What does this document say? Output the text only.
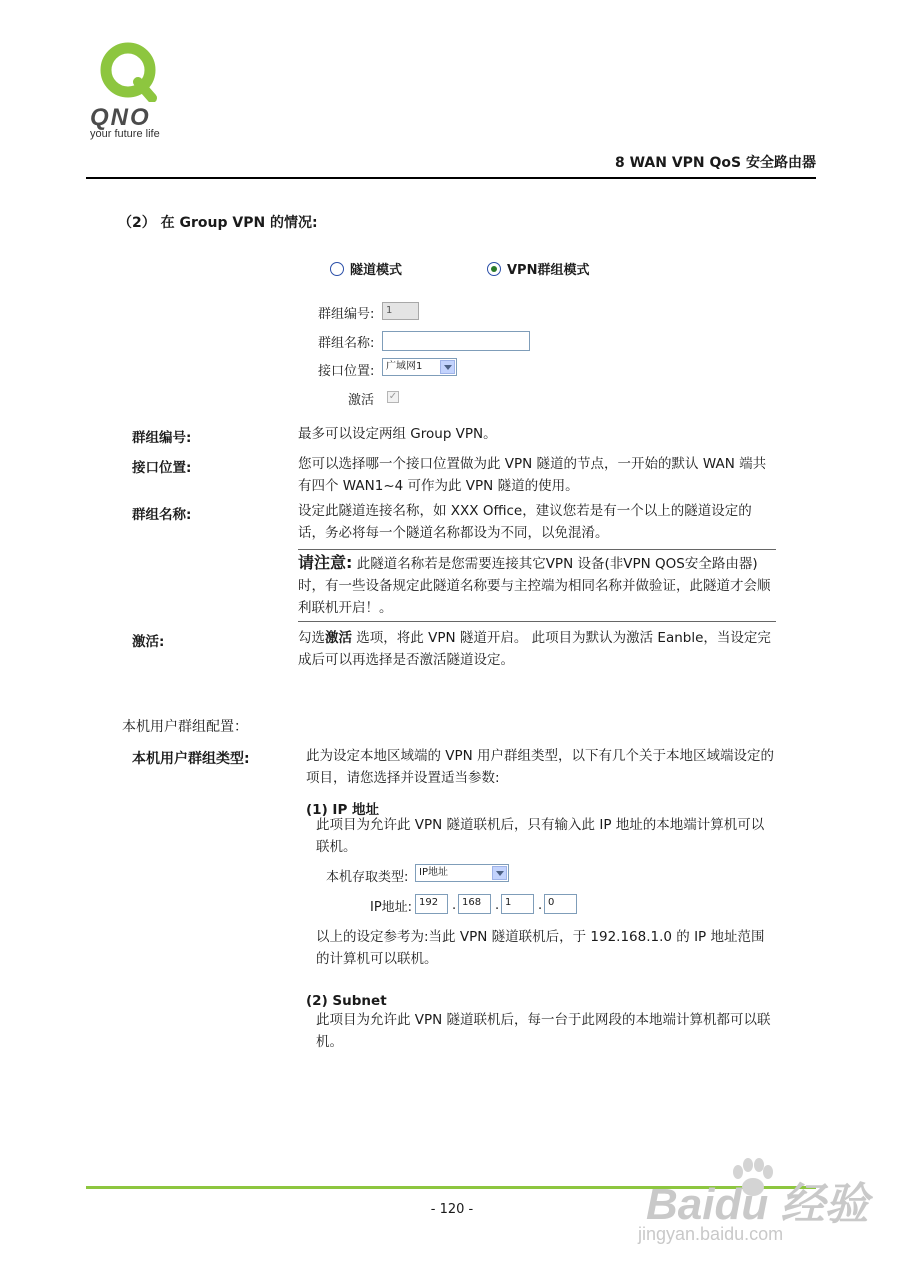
QNO
your future life
8 WAN VPN QoS 安全路由器
（2） 在 Group VPN 的情况:
隧道模式	VPN群组模式
群组编号:	1
群组名称:
接口位置:	广域网1
激活 ✓
群组编号:	最多可以设定两组 Group VPN。
接口位置:	您可以选择哪一个接口位置做为此 VPN 隧道的节点，一开始的默认 WAN 端共有四个 WAN1~4 可作为此 VPN 隧道的使用。
群组名称:	设定此隧道连接名称，如 XXX Office，建议您若是有一个以上的隧道设定的话，务必将每一个隧道名称都设为不同，以免混淆。
请注意: 此隧道名称若是您需要连接其它VPN 设备(非VPN QOS安全路由器)时，有一些设备规定此隧道名称要与主控端为相同名称并做验证，此隧道才会顺利联机开启！。
激活:	勾选激活 选项，将此 VPN 隧道开启。 此项目为默认为激活 Eanble，当设定完成后可以再选择是否激活隧道设定。
本机用户群组配置：
本机用户群组类型:	此为设定本地区域端的 VPN 用户群组类型，以下有几个关于本地区域端设定的项目，请您选择并设置适当参数:
(1) IP 地址
此项目为允许此 VPN 隧道联机后，只有输入此 IP 地址的本地端计算机可以联机。
本机存取类型:	IP地址
IP地址: 192	. 168	. 1	. 0
以上的设定参考为:当此 VPN 隧道联机后，于 192.168.1.0 的 IP 地址范围的计算机可以联机。
(2) Subnet
此项目为允许此 VPN 隧道联机后，每一台于此网段的本地端计算机都可以联机。
- 120 -	Baidu 经验
jingyan.baidu.com
